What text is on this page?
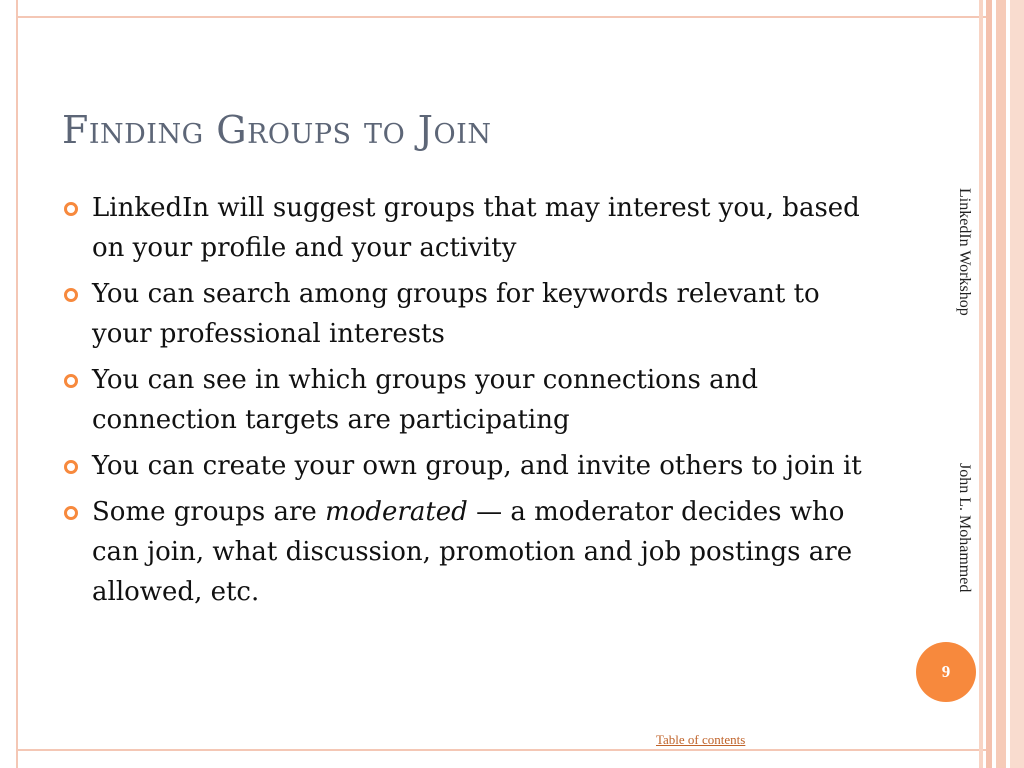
Finding Groups to Join
LinkedIn will suggest groups that may interest you, based on your profile and your activity
You can search among groups for keywords relevant to your professional interests
You can see in which groups your connections and connection targets are participating
You can create your own group, and invite others to join it
Some groups are moderated — a moderator decides who can join, what discussion, promotion and job postings are allowed, etc.
LinkedIn Workshop
John L. Mohammed
9
Table of contents
